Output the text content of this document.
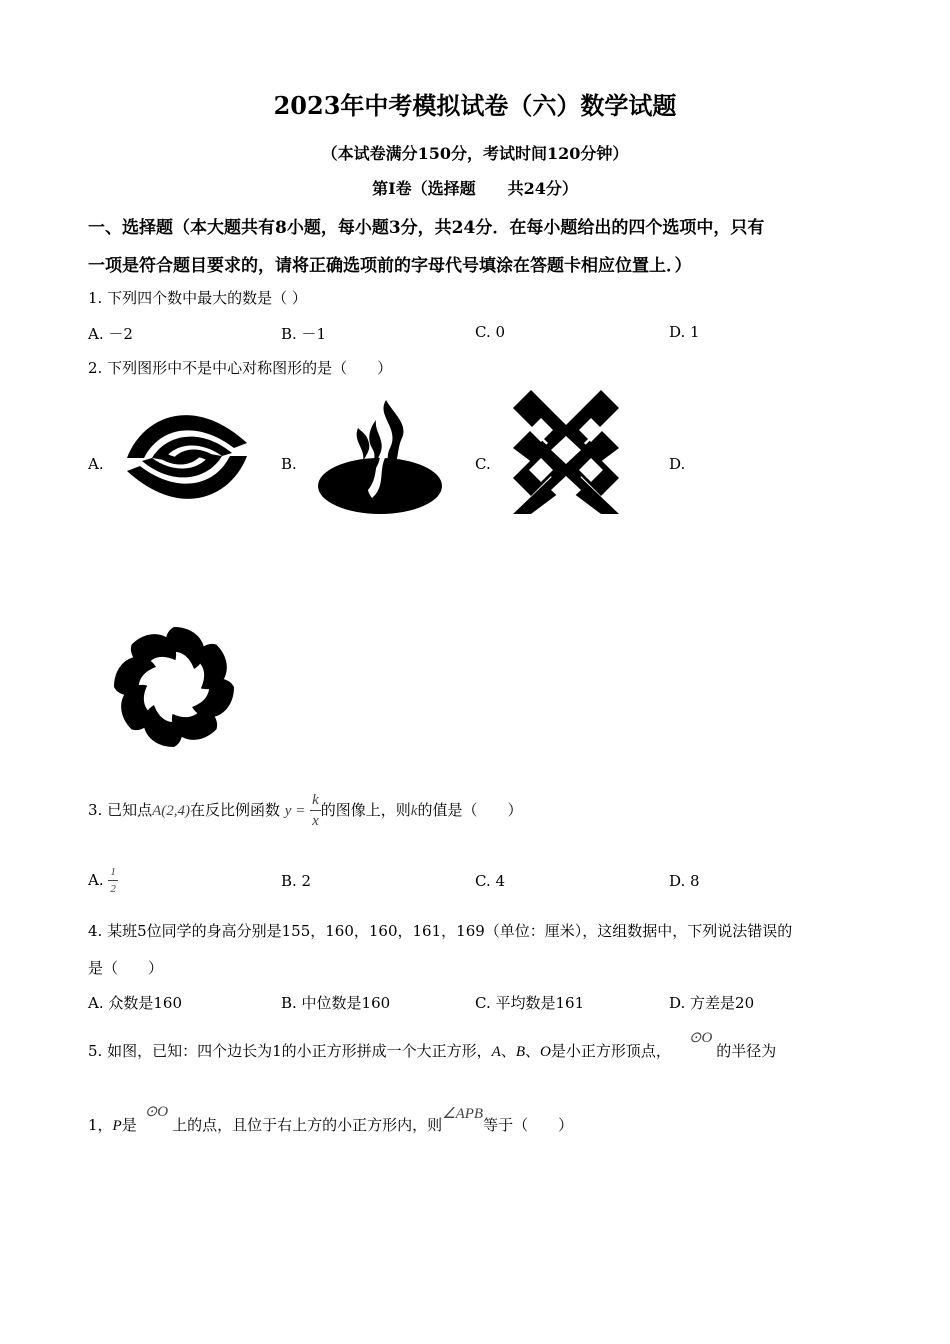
2023年中考模拟试卷（六）数学试题
（本试卷满分150分，考试时间120分钟）
第Ⅰ卷（选择题　　共24分）
一、选择题（本大题共有8小题，每小题3分，共24分．在每小题给出的四个选项中，只有
一项是符合题目要求的，请将正确选项前的字母代号填涂在答题卡相应位置上．）
1. 下列四个数中最大的数是（ ）
A. －2	B. －1	C. 0	D. 1
2. 下列图形中不是中心对称图形的是（　　）
A.	B.	C.	D.
3. 已知点A(2,4)在反比例函数 $y = \frac{k}{x}$ 的图像上，则k的值是（　　）
A. $\frac{1}{2}$	B. 2	C. 4	D. 8
4. 某班5位同学的身高分别是155，160，160，161，169（单位：厘米），这组数据中，下列说法错误的
是（　　）
A. 众数是160	B. 中位数是160	C. 平均数是161	D. 方差是20
5. 如图，已知：四个边长为1的小正方形拼成一个大正方形，A、B、O是小正方形顶点，⊙O的半径为
1，P是⊙O上的点，且位于右上方的小正方形内，则∠APB等于（　　）
